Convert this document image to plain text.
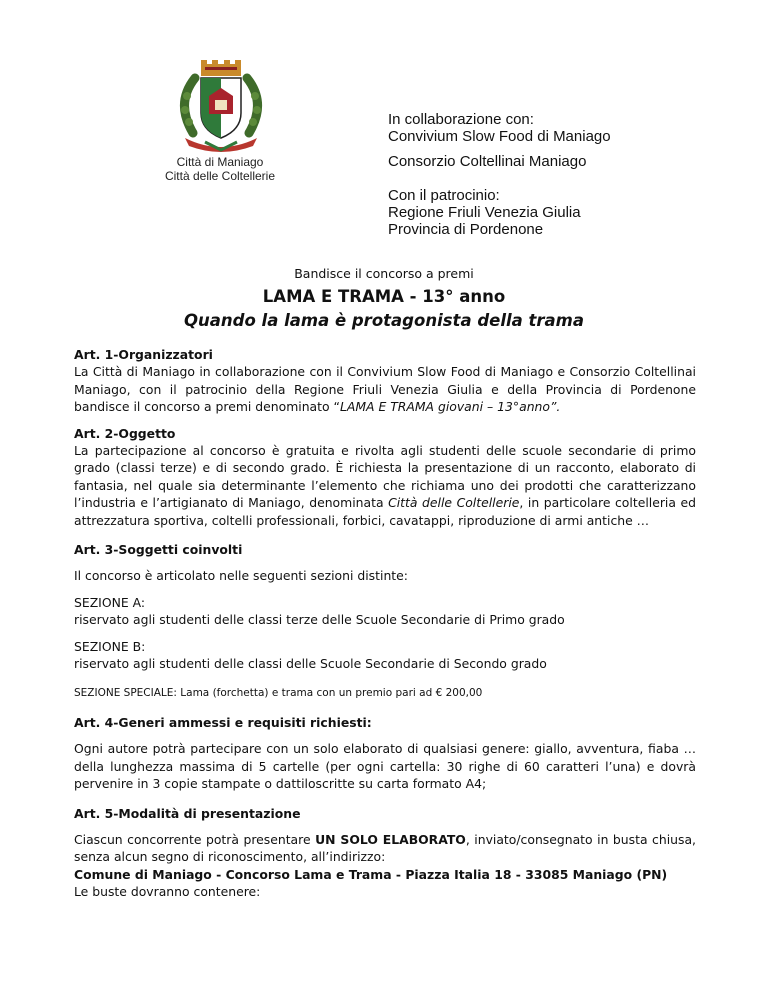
Città di Maniago
Città delle Coltellerie
In collaborazione con:
Convivium Slow Food di Maniago
Consorzio Coltellinai Maniago
Con il patrocinio:
Regione Friuli Venezia Giulia
Provincia di Pordenone
Bandisce il concorso a premi
LAMA E TRAMA - 13° anno
Quando la lama è protagonista della trama
Art. 1-Organizzatori

La Città di Maniago in collaborazione con il Convivium Slow Food di Maniago e Consorzio Coltellinai Maniago, con il patrocinio della Regione Friuli Venezia Giulia e della Provincia di Pordenone bandisce il concorso a premi denominato “LAMA E TRAMA giovani – 13°anno”.

Art. 2-Oggetto

La partecipazione al concorso è gratuita e rivolta agli studenti delle scuole secondarie di primo grado (classi terze) e di secondo grado. È richiesta la presentazione di un racconto, elaborato di fantasia, nel quale sia determinante l’elemento che richiama uno dei prodotti che caratterizzano l’industria e l’artigianato di Maniago, denominata Città delle Coltellerie, in particolare coltelleria ed attrezzatura sportiva, coltelli professionali, forbici, cavatappi, riproduzione di armi antiche …

Art. 3-Soggetti coinvolti

Il concorso è articolato nelle seguenti sezioni distinte:

SEZIONE A:

riservato agli studenti delle classi terze delle Scuole Secondarie di Primo grado

SEZIONE B:

riservato agli studenti delle classi delle Scuole Secondarie di Secondo grado

SEZIONE SPECIALE: Lama (forchetta) e trama con un premio pari ad € 200,00

Art. 4-Generi ammessi e requisiti richiesti:

Ogni autore potrà partecipare con un solo elaborato di qualsiasi genere: giallo, avventura, fiaba … della lunghezza massima di 5 cartelle (per ogni cartella: 30 righe di 60 caratteri l’una) e dovrà pervenire in 3 copie stampate o dattiloscritte su carta formato A4;

Art. 5-Modalità di presentazione

Ciascun concorrente potrà presentare UN SOLO ELABORATO, inviato/consegnato in busta chiusa, senza alcun segno di riconoscimento, all’indirizzo:

Comune di Maniago - Concorso Lama e Trama - Piazza Italia 18 - 33085 Maniago (PN)

Le buste dovranno contenere:
